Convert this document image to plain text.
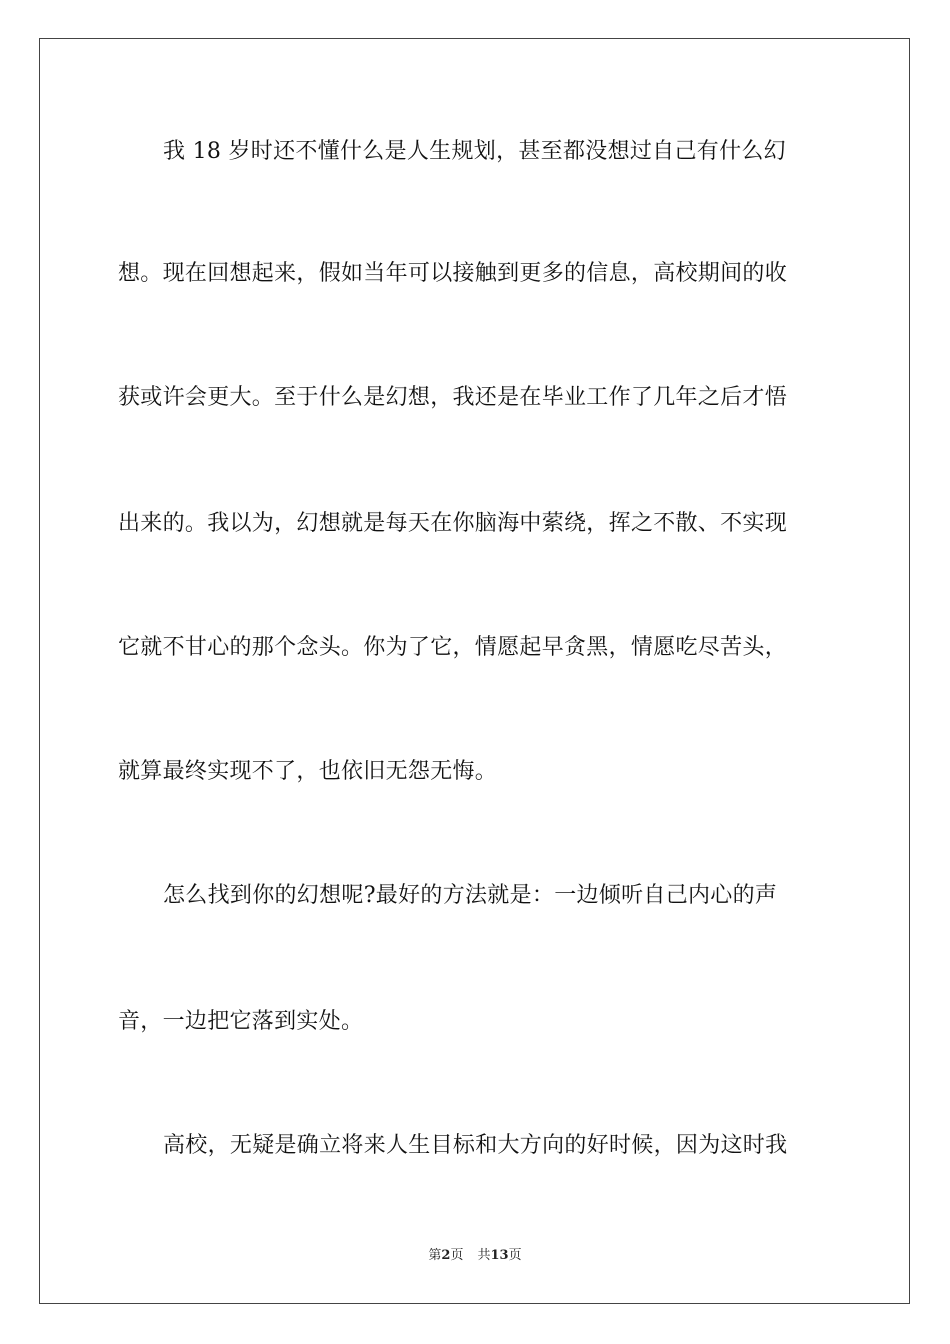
我 18 岁时还不懂什么是人生规划，甚至都没想过自己有什么幻
想。现在回想起来，假如当年可以接触到更多的信息，高校期间的收
获或许会更大。至于什么是幻想，我还是在毕业工作了几年之后才悟
出来的。我以为，幻想就是每天在你脑海中萦绕，挥之不散、不实现
它就不甘心的那个念头。你为了它，情愿起早贪黑，情愿吃尽苦头，
就算最终实现不了，也依旧无怨无悔。
怎么找到你的幻想呢?最好的方法就是：一边倾听自己内心的声
音，一边把它落到实处。
高校，无疑是确立将来人生目标和大方向的好时候，因为这时我
第2页 共13页
